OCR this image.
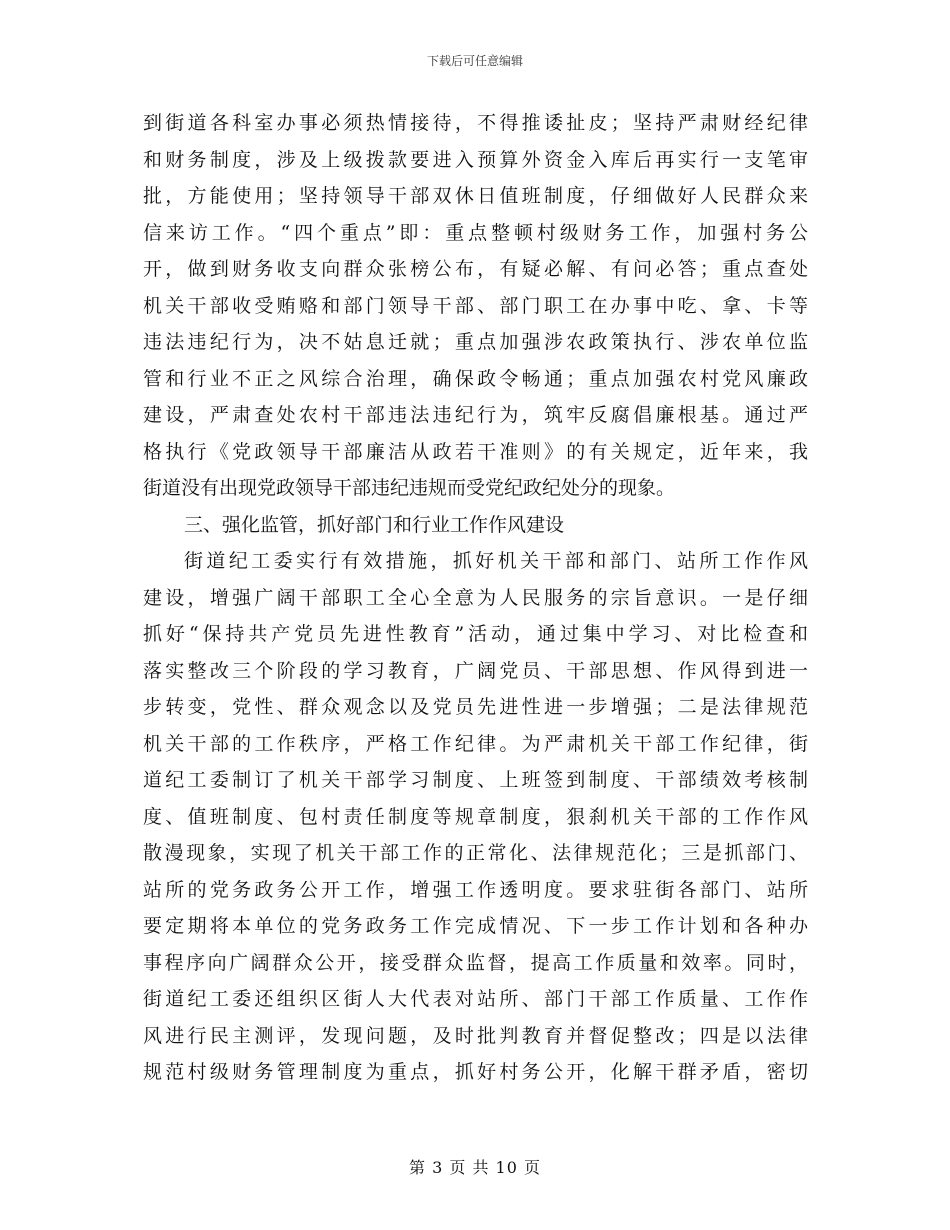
下载后可任意编辑
到街道各科室办事必须热情接待，不得推诿扯皮；坚持严肃财经纪律
和财务制度，涉及上级拨款要进入预算外资金入库后再实行一支笔审
批，方能使用；坚持领导干部双休日值班制度，仔细做好人民群众来
信来访工作。“四个重点”即：重点整顿村级财务工作，加强村务公
开，做到财务收支向群众张榜公布，有疑必解、有问必答；重点查处
机关干部收受贿赂和部门领导干部、部门职工在办事中吃、拿、卡等
违法违纪行为，决不姑息迁就；重点加强涉农政策执行、涉农单位监
管和行业不正之风综合治理，确保政令畅通；重点加强农村党风廉政
建设，严肃查处农村干部违法违纪行为，筑牢反腐倡廉根基。通过严
格执行《党政领导干部廉洁从政若干准则》的有关规定，近年来，我
街道没有出现党政领导干部违纪违规而受党纪政纪处分的现象。
三、强化监管，抓好部门和行业工作作风建设
街道纪工委实行有效措施，抓好机关干部和部门、站所工作作风
建设，增强广阔干部职工全心全意为人民服务的宗旨意识。一是仔细
抓好“保持共产党员先进性教育”活动，通过集中学习、对比检查和
落实整改三个阶段的学习教育，广阔党员、干部思想、作风得到进一
步转变，党性、群众观念以及党员先进性进一步增强；二是法律规范
机关干部的工作秩序，严格工作纪律。为严肃机关干部工作纪律，街
道纪工委制订了机关干部学习制度、上班签到制度、干部绩效考核制
度、值班制度、包村责任制度等规章制度，狠刹机关干部的工作作风
散漫现象，实现了机关干部工作的正常化、法律规范化；三是抓部门、
站所的党务政务公开工作，增强工作透明度。要求驻街各部门、站所
要定期将本单位的党务政务工作完成情况、下一步工作计划和各种办
事程序向广阔群众公开，接受群众监督，提高工作质量和效率。同时，
街道纪工委还组织区街人大代表对站所、部门干部工作质量、工作作
风进行民主测评，发现问题，及时批判教育并督促整改；四是以法律
规范村级财务管理制度为重点，抓好村务公开，化解干群矛盾，密切
第 3 页 共 10 页
